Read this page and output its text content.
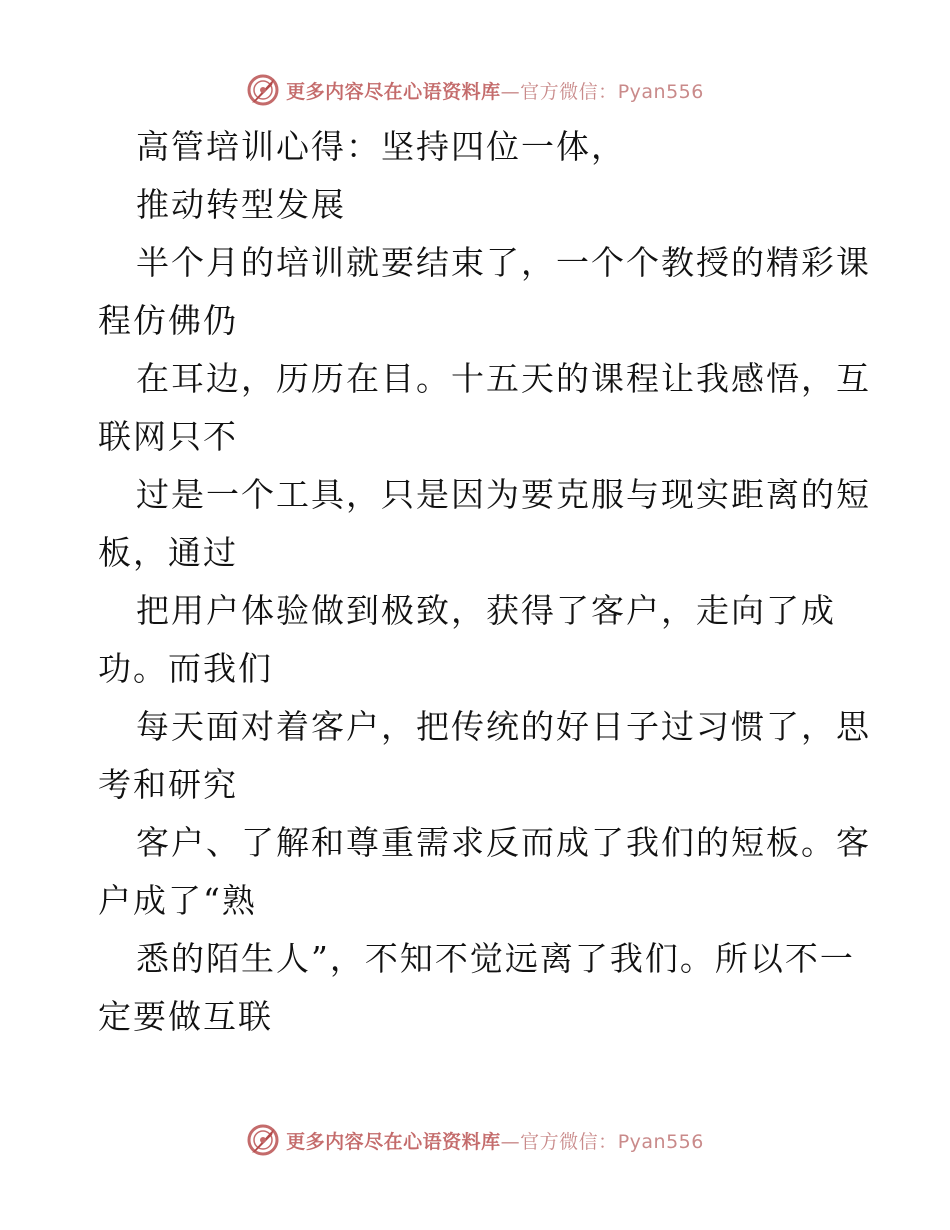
更多内容尽在心语资料库—官方微信：Pyan556
高管培训心得：坚持四位一体，
推动转型发展
半个月的培训就要结束了，一个个教授的精彩课
程仿佛仍
在耳边，历历在目。十五天的课程让我感悟，互
联网只不
过是一个工具，只是因为要克服与现实距离的短
板，通过
把用户体验做到极致，获得了客户，走向了成
功。而我们
每天面对着客户，把传统的好日子过习惯了，思
考和研究
客户、了解和尊重需求反而成了我们的短板。客
户成了“熟
悉的陌生人”，不知不觉远离了我们。所以不一
定要做互联
更多内容尽在心语资料库—官方微信：Pyan556
